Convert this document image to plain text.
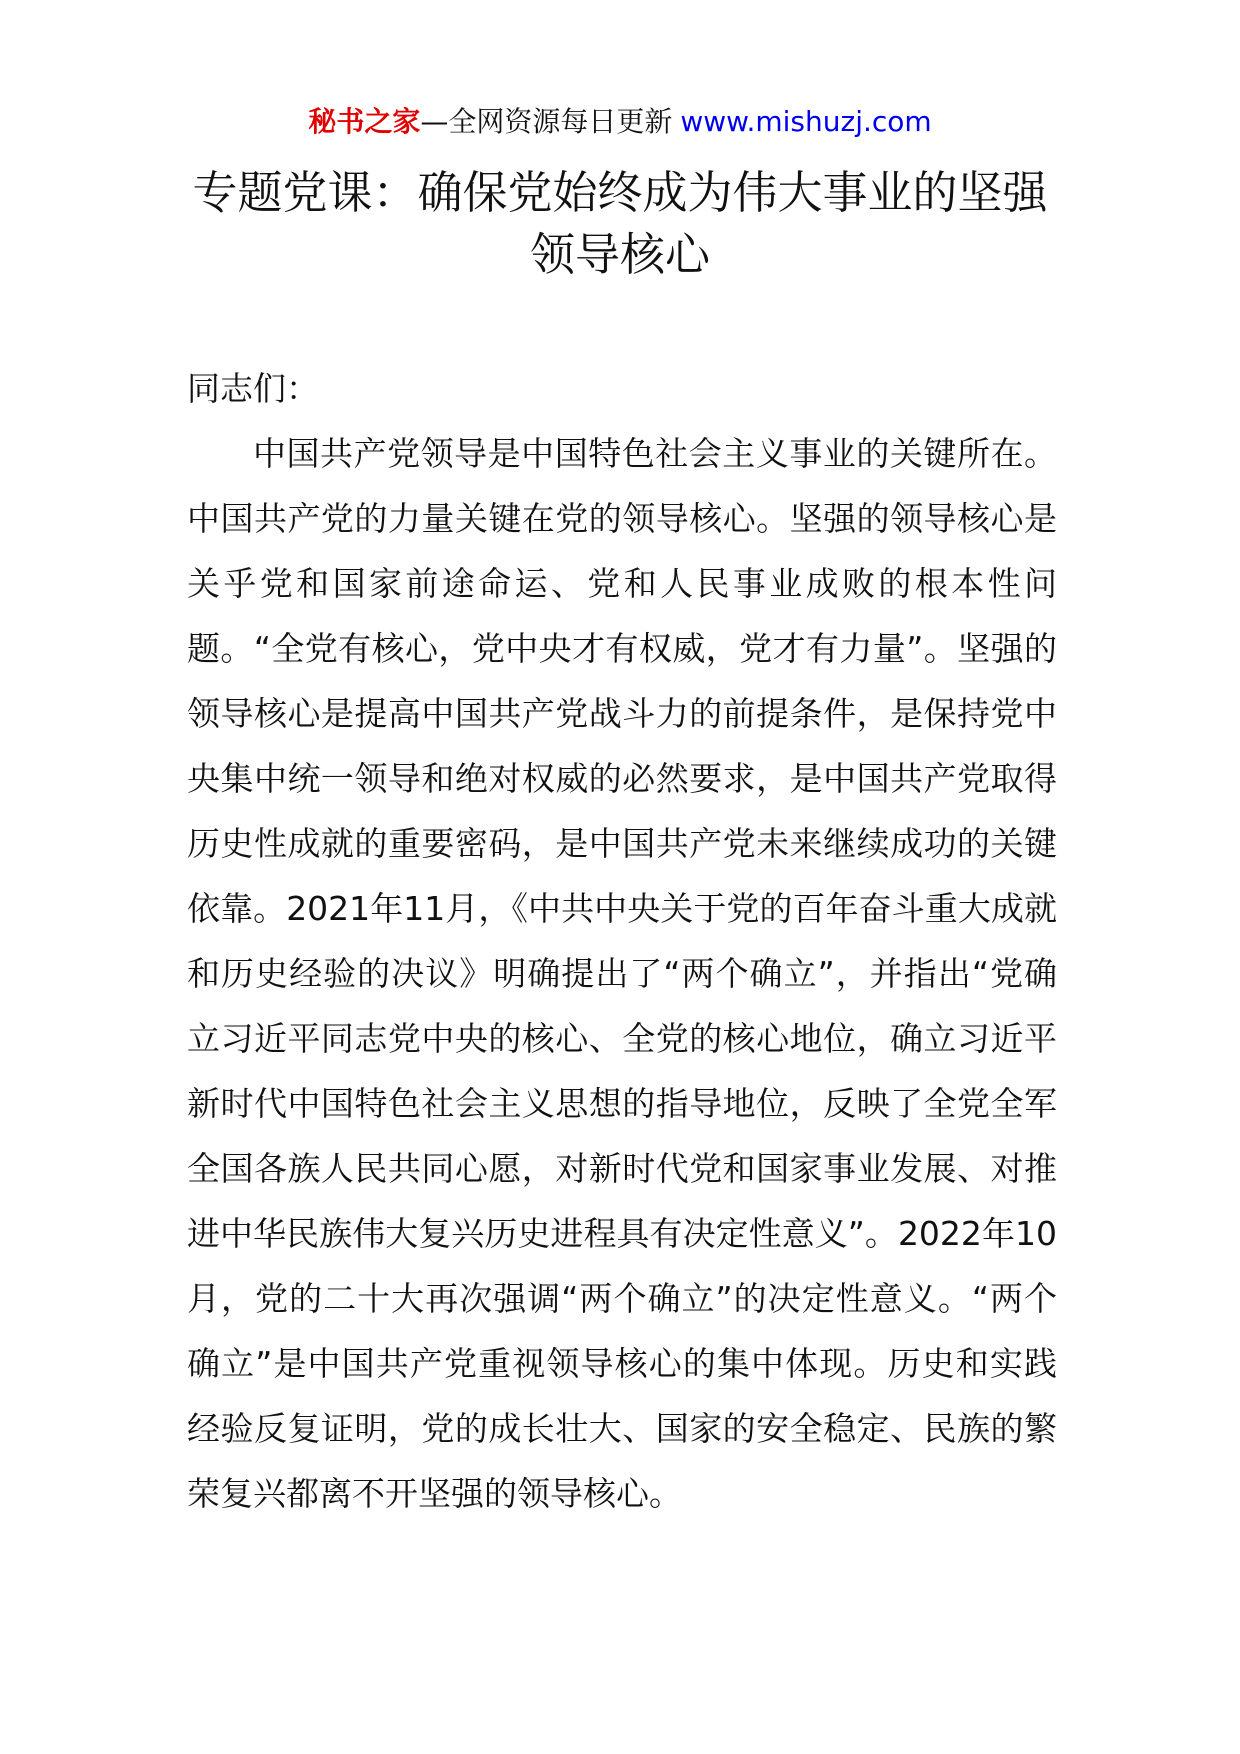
秘书之家—全网资源每日更新 www.mishuzj.com
专题党课：确保党始终成为伟大事业的坚强领导核心

同志们：

中国共产党领导是中国特色社会主义事业的关键所在。中国共产党的力量关键在党的领导核心。坚强的领导核心是关乎党和国家前途命运、党和人民事业成败的根本性问题。“全党有核心，党中央才有权威，党才有力量”。坚强的领导核心是提高中国共产党战斗力的前提条件，是保持党中央集中统一领导和绝对权威的必然要求，是中国共产党取得历史性成就的重要密码，是中国共产党未来继续成功的关键依靠。2021年11月，《中共中央关于党的百年奋斗重大成就和历史经验的决议》明确提出了“两个确立”，并指出“党确立习近平同志党中央的核心、全党的核心地位，确立习近平新时代中国特色社会主义思想的指导地位，反映了全党全军全国各族人民共同心愿，对新时代党和国家事业发展、对推进中华民族伟大复兴历史进程具有决定性意义”。2022年10月，党的二十大再次强调“两个确立”的决定性意义。“两个确立”是中国共产党重视领导核心的集中体现。历史和实践经验反复证明，党的成长壮大、国家的安全稳定、民族的繁荣复兴都离不开坚强的领导核心。
